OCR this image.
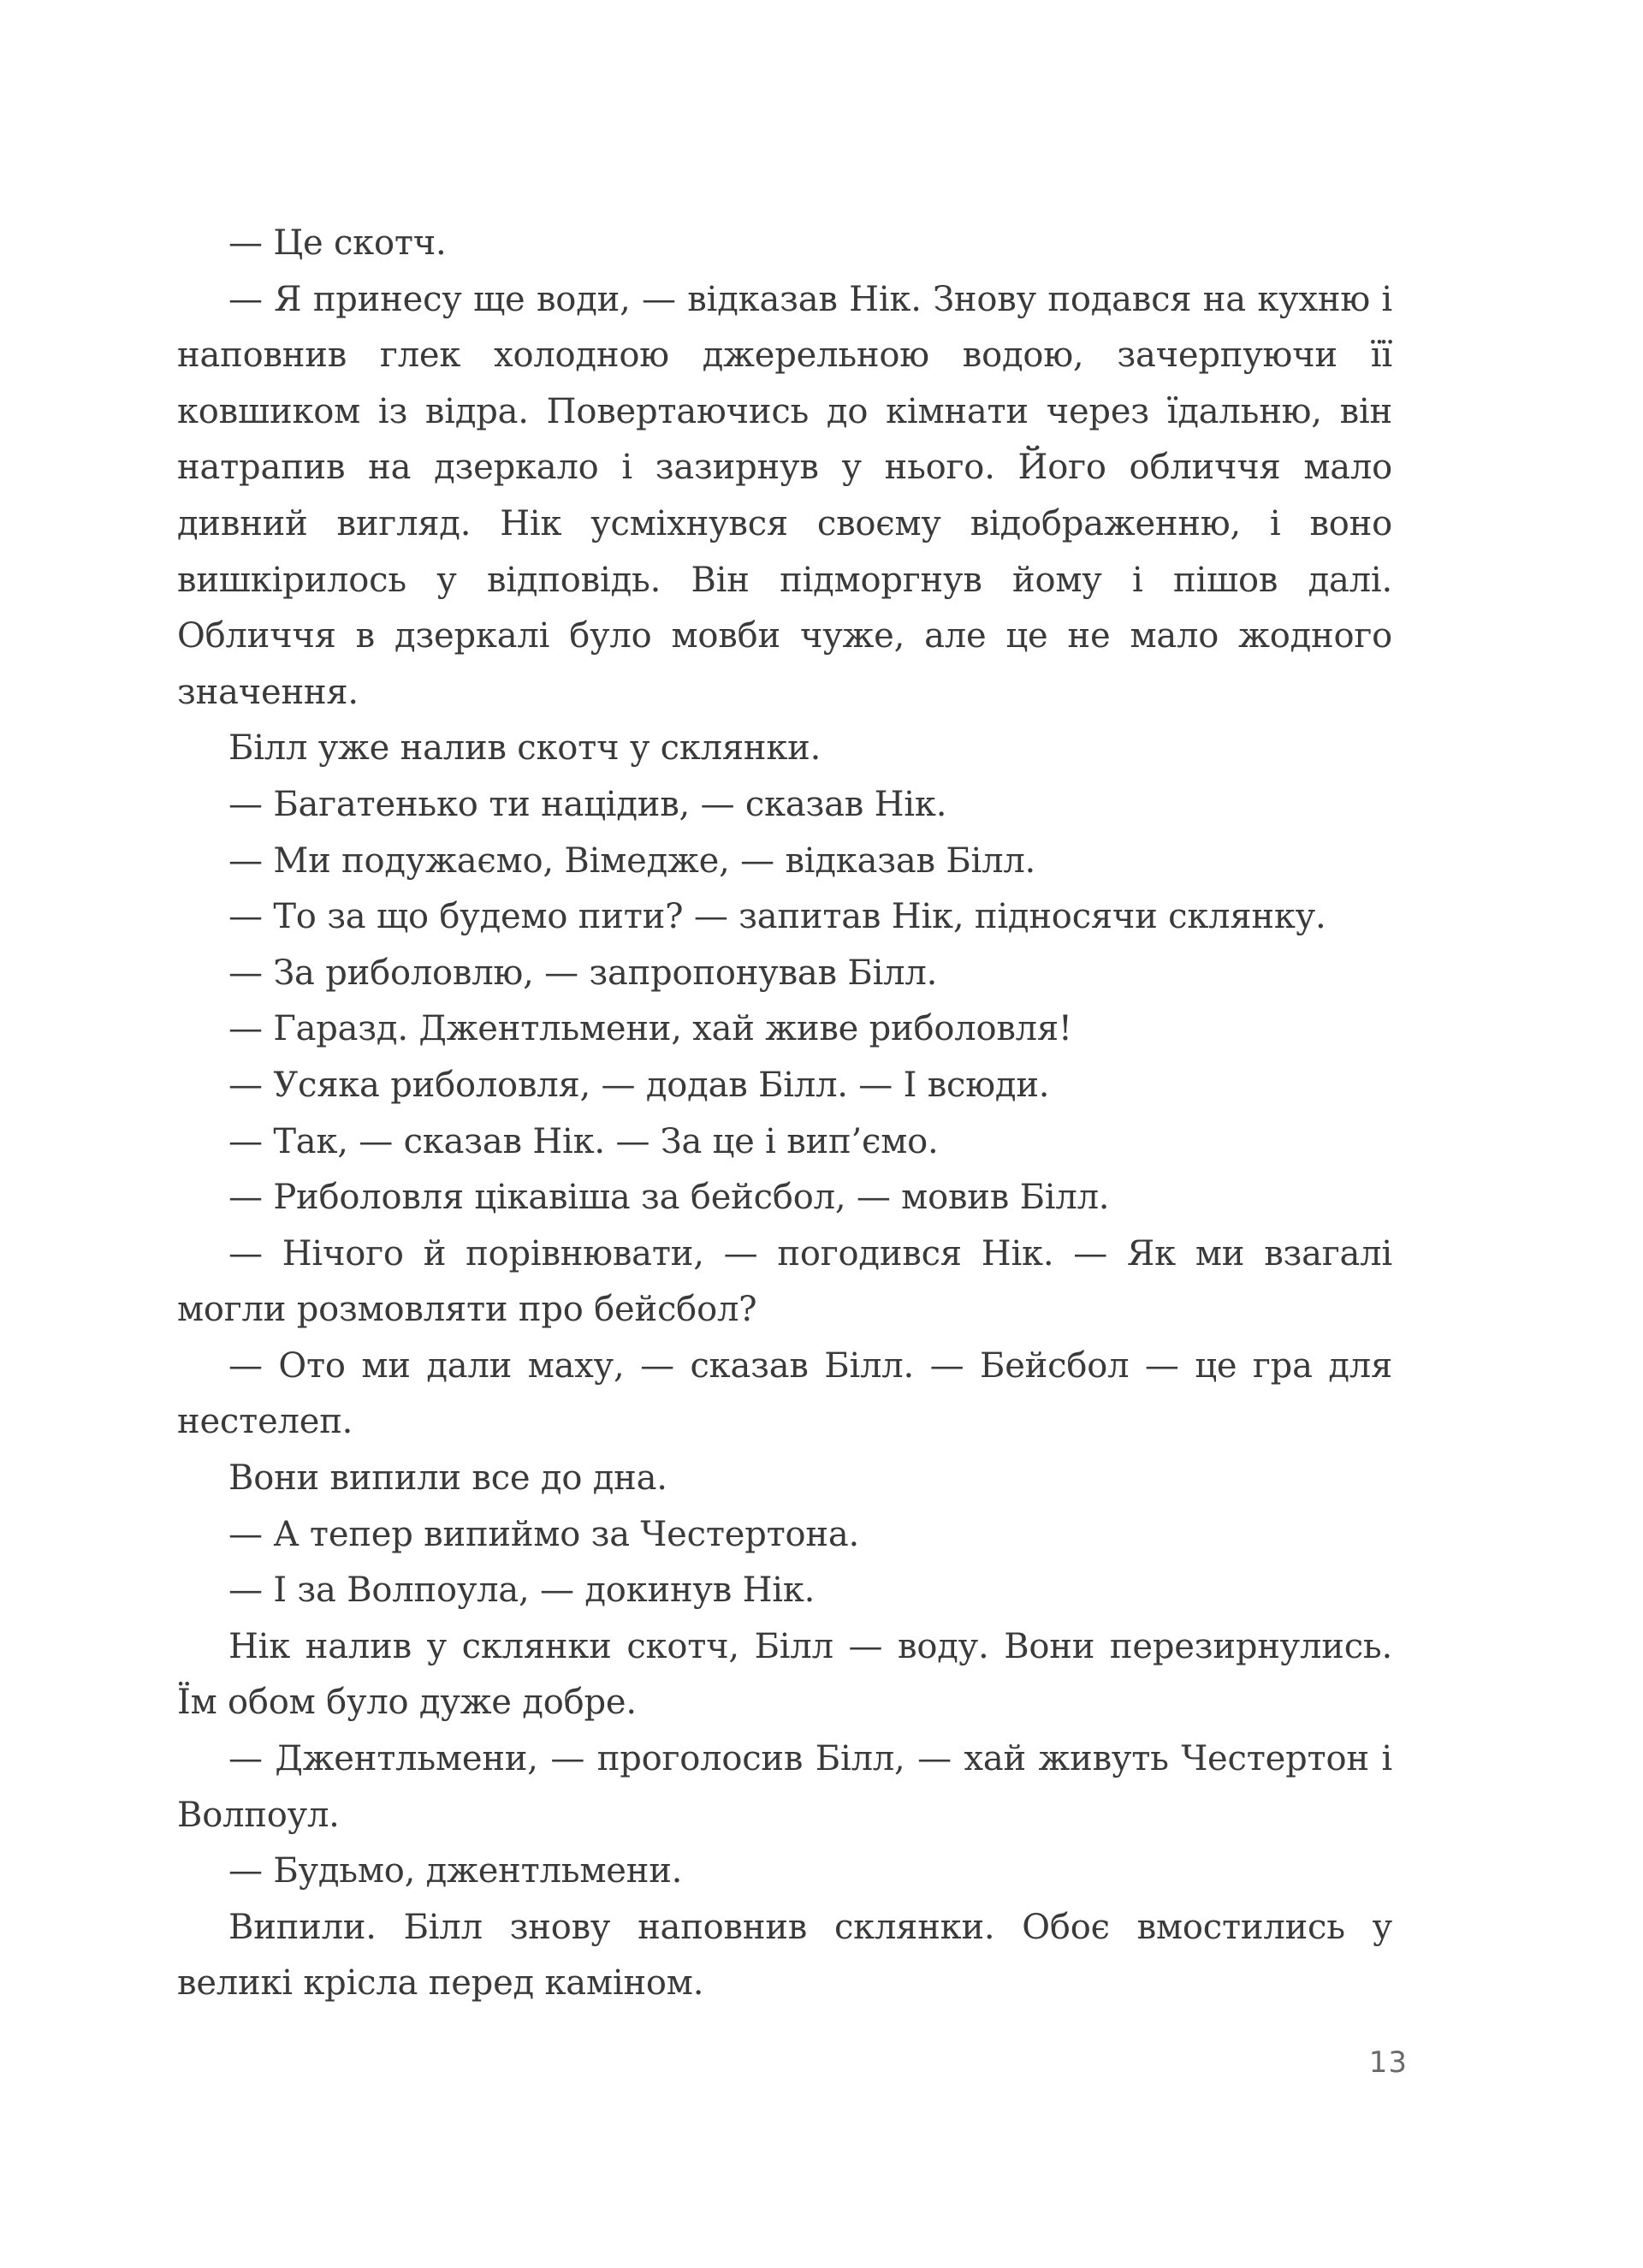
— Це скотч.

— Я принесу ще води, — відказав Нік. Знову подався на кухню і наповнив глек холодною джерельною водою, зачерпуючи її ковшиком із відра. Повертаючись до кімнати через їдальню, він натрапив на дзеркало і зазирнув у нього. Його обличчя мало дивний вигляд. Нік усміхнувся своєму відображенню, і воно вишкірилось у відповідь. Він підморгнув йому і пішов далі. Обличчя в дзеркалі було мовби чуже, але це не мало жодного значення.

Білл уже налив скотч у склянки.

— Багатенько ти націдив, — сказав Нік.

— Ми подужаємо, Вімедже, — відказав Білл.

— То за що будемо пити? — запитав Нік, підносячи склянку.

— За риболовлю, — запропонував Білл.

— Гаразд. Джентльмени, хай живе риболовля!

— Усяка риболовля, — додав Білл. — І всюди.

— Так, — сказав Нік. — За це і вип’ємо.

— Риболовля цікавіша за бейсбол, — мовив Білл.

— Нічого й порівнювати, — погодився Нік. — Як ми взагалі могли розмовляти про бейсбол?

— Ото ми дали маху, — сказав Білл. — Бейсбол — це гра для нестелеп.

Вони випили все до дна.

— А тепер випиймо за Честертона.

— І за Волпоула, — докинув Нік.

Нік налив у склянки скотч, Білл — воду. Вони перезирнулись. Їм обом було дуже добре.

— Джентльмени, — проголосив Білл, — хай живуть Честертон і Волпоул.

— Будьмо, джентльмени.

Випили. Білл знову наповнив склянки. Обоє вмостились у великі крісла перед каміном.

13
